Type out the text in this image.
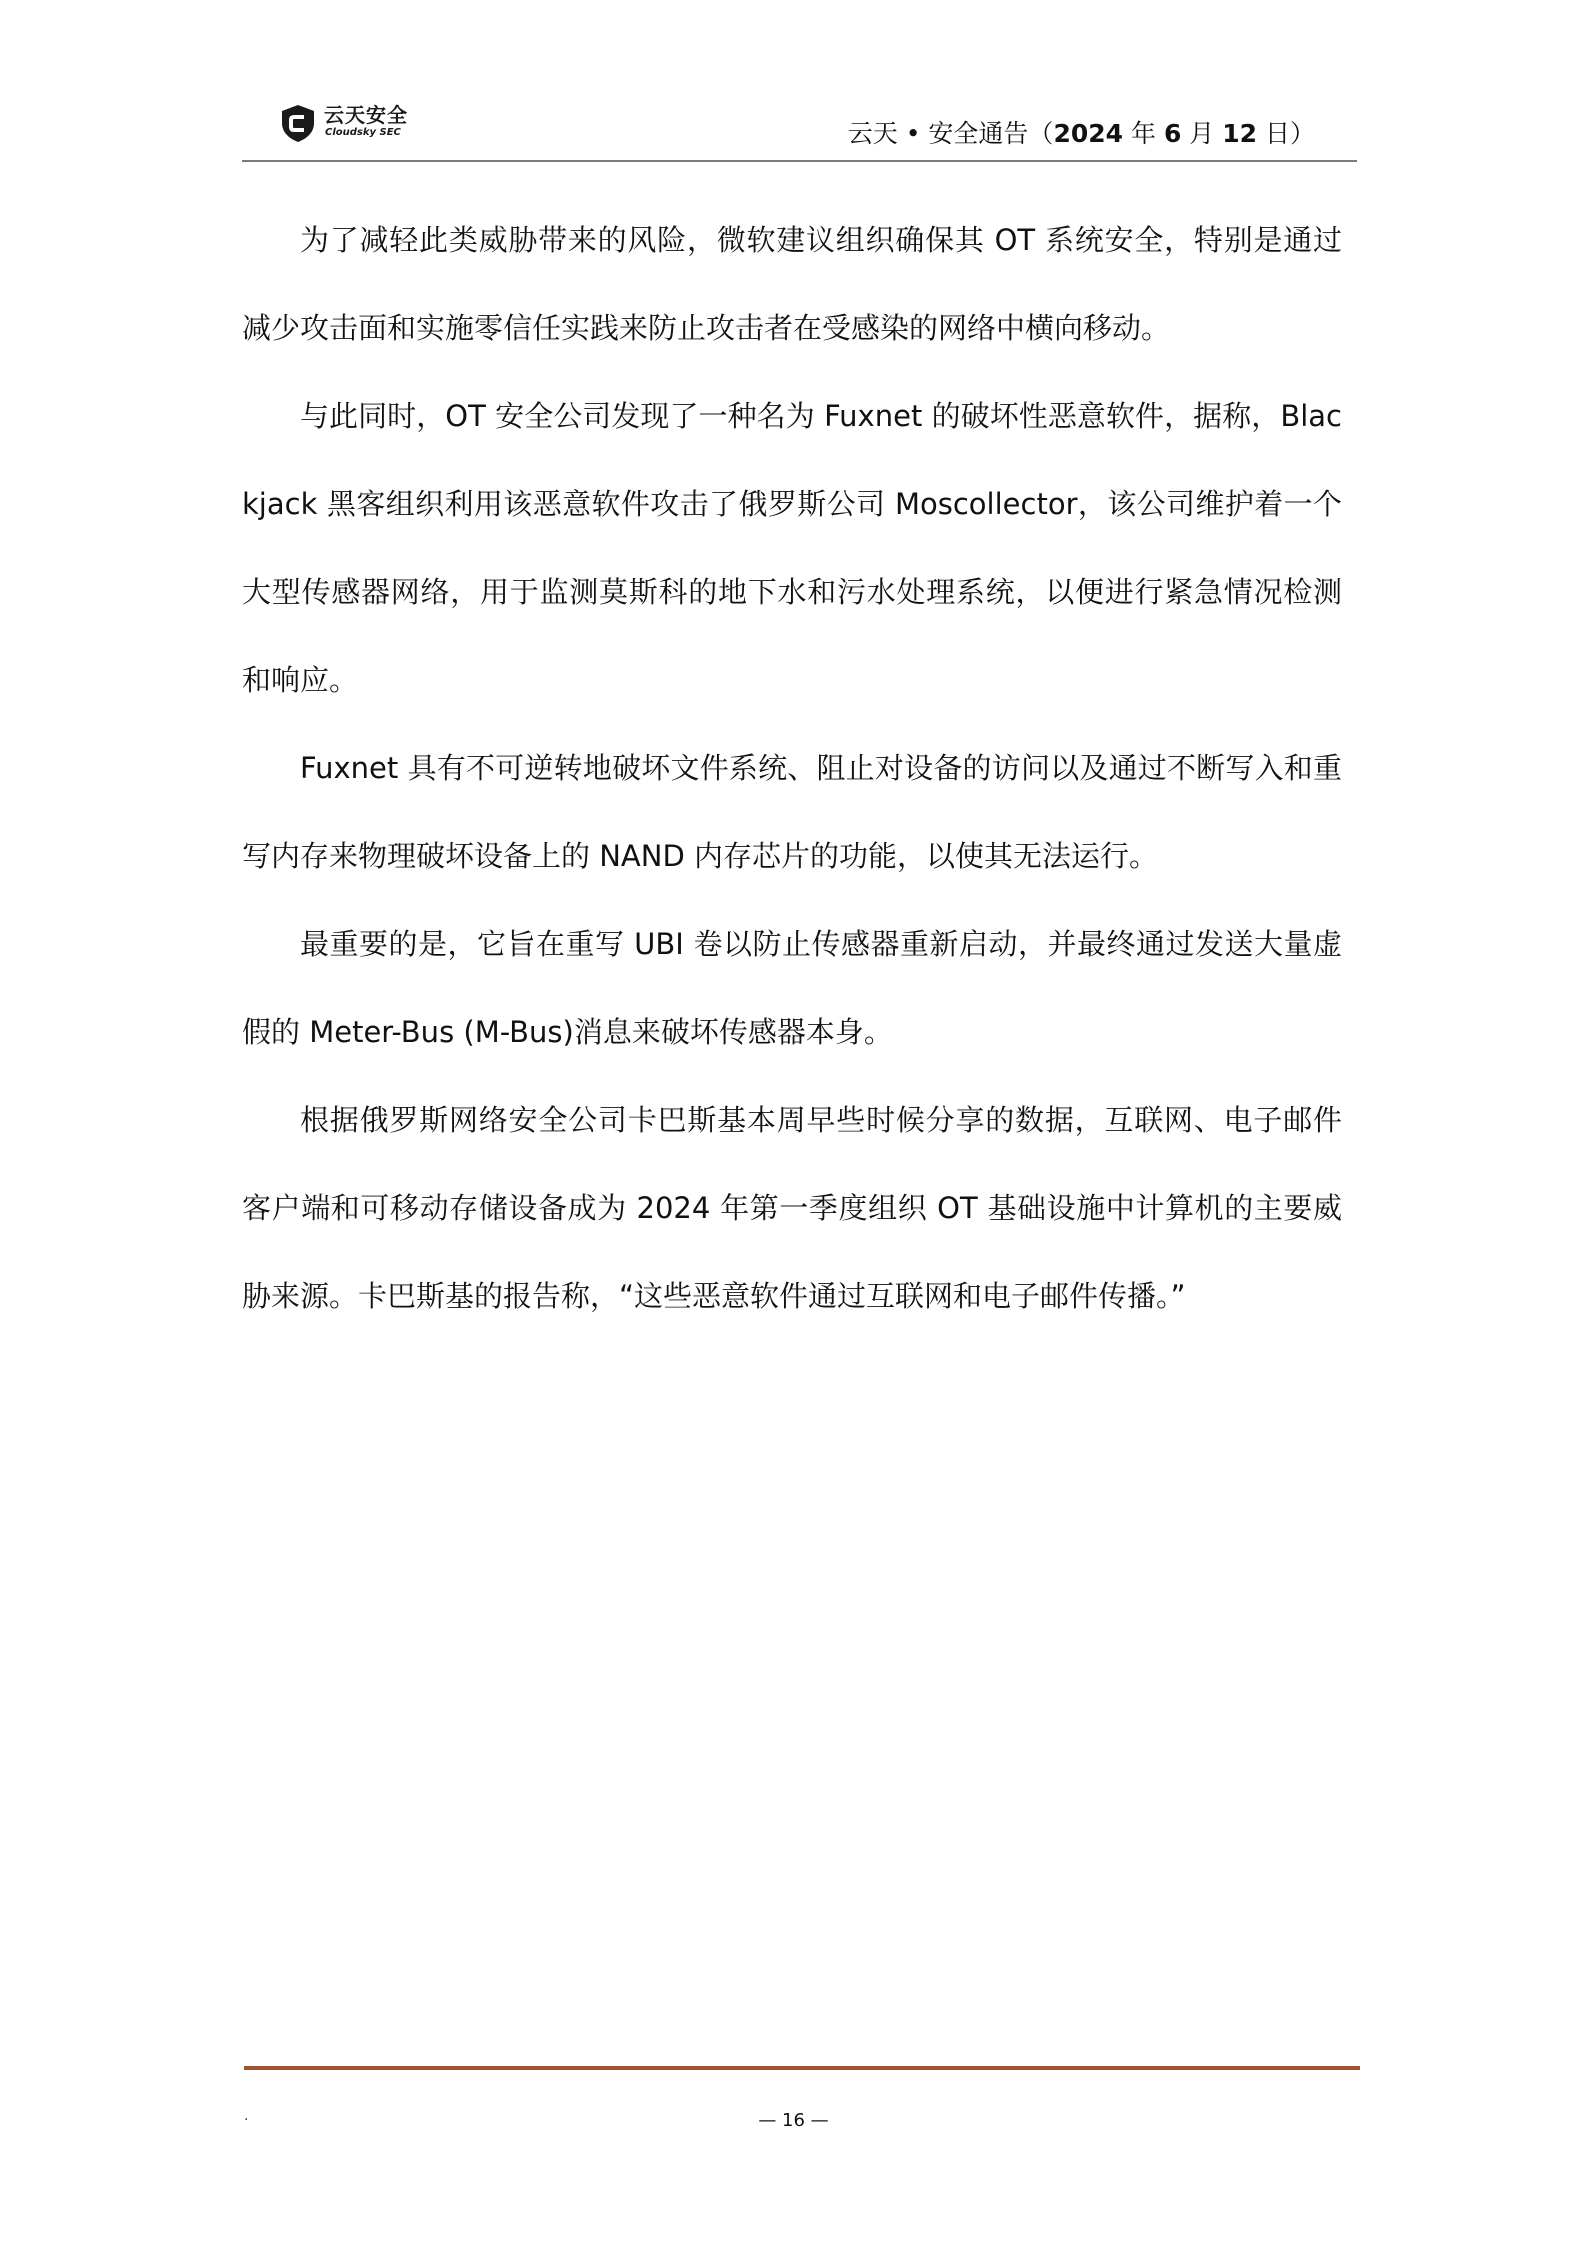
云天安全
Cloudsky SEC	云天 • 安全通告（2024 年 6 月 12 日）

为了减轻此类威胁带来的风险，微软建议组织确保其 OT 系统安全，特别是通过减少攻击面和实施零信任实践来防止攻击者在受感染的网络中横向移动。

与此同时，OT 安全公司发现了一种名为 Fuxnet 的破坏性恶意软件，据称，Blackjack 黑客组织利用该恶意软件攻击了俄罗斯公司 Moscollector，该公司维护着一个大型传感器网络，用于监测莫斯科的地下水和污水处理系统，以便进行紧急情况检测和响应。

Fuxnet 具有不可逆转地破坏文件系统、阻止对设备的访问以及通过不断写入和重写内存来物理破坏设备上的 NAND 内存芯片的功能，以使其无法运行。

最重要的是，它旨在重写 UBI 卷以防止传感器重新启动，并最终通过发送大量虚假的 Meter-Bus (M-Bus)消息来破坏传感器本身。

根据俄罗斯网络安全公司卡巴斯基本周早些时候分享的数据，互联网、电子邮件客户端和可移动存储设备成为 2024 年第一季度组织 OT 基础设施中计算机的主要威胁来源。卡巴斯基的报告称，“这些恶意软件通过互联网和电子邮件传播。”

.	— 16 —
